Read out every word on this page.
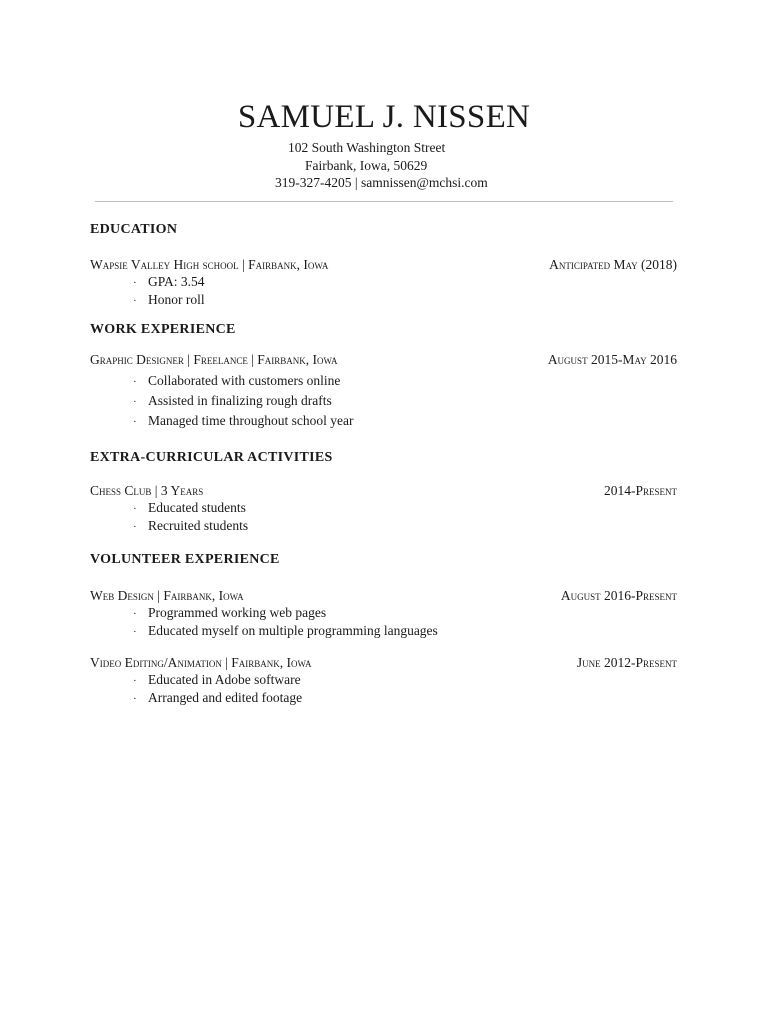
SAMUEL J. NISSEN
102 South Washington Street
Fairbank, Iowa, 50629
319-327-4205 | samnissen@mchsi.com
EDUCATION
Wapsie Valley High school | Fairbank, Iowa	Anticipated May (2018)
· GPA: 3.54
· Honor roll
WORK EXPERIENCE
Graphic Designer | Freelance | Fairbank, Iowa	August 2015-May 2016
· Collaborated with customers online
· Assisted in finalizing rough drafts
· Managed time throughout school year
EXTRA-CURRICULAR ACTIVITIES
Chess Club | 3 Years	2014-Present
· Educated students
· Recruited students
VOLUNTEER EXPERIENCE
Web Design | Fairbank, Iowa	August 2016-Present
· Programmed working web pages
· Educated myself on multiple programming languages
Video Editing/Animation | Fairbank, Iowa	June 2012-Present
· Educated in Adobe software
· Arranged and edited footage
